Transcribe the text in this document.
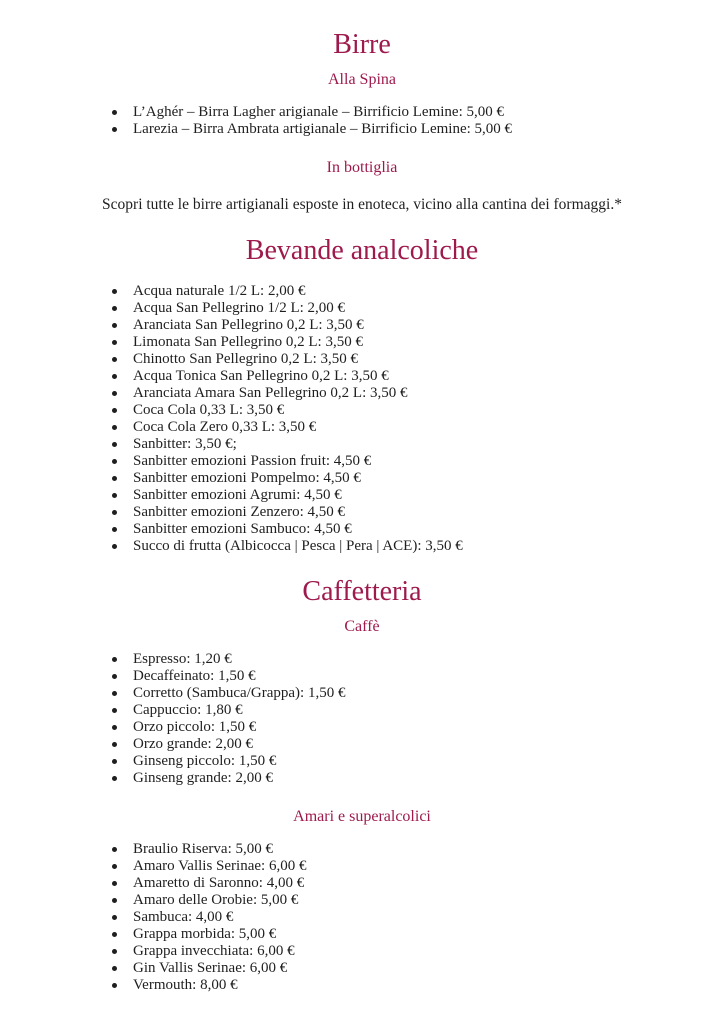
Birre
Alla Spina
L’Aghér – Birra Lagher arigianale – Birrificio Lemine: 5,00 €
Larezia – Birra Ambrata artigianale – Birrificio Lemine: 5,00 €
In bottiglia

Scopri tutte le birre artigianali esposte in enoteca, vicino alla cantina dei formaggi.*

Bevande analcoliche
Acqua naturale 1/2 L: 2,00 €
Acqua San Pellegrino 1/2 L: 2,00 €
Aranciata San Pellegrino 0,2 L: 3,50 €
Limonata San Pellegrino 0,2 L: 3,50 €
Chinotto San Pellegrino 0,2 L: 3,50 €
Acqua Tonica San Pellegrino 0,2 L: 3,50 €
Aranciata Amara San Pellegrino 0,2 L: 3,50 €
Coca Cola 0,33 L: 3,50 €
Coca Cola Zero 0,33 L: 3,50 €
Sanbitter: 3,50 €;
Sanbitter emozioni Passion fruit: 4,50 €
Sanbitter emozioni Pompelmo: 4,50 €
Sanbitter emozioni Agrumi: 4,50 €
Sanbitter emozioni Zenzero: 4,50 €
Sanbitter emozioni Sambuco: 4,50 €
Succo di frutta (Albicocca | Pesca | Pera | ACE): 3,50 €
Caffetteria
Caffè
Espresso: 1,20 €
Decaffeinato: 1,50 €
Corretto (Sambuca/Grappa): 1,50 €
Cappuccio: 1,80 €
Orzo piccolo: 1,50 €
Orzo grande: 2,00 €
Ginseng piccolo: 1,50 €
Ginseng grande: 2,00 €
Amari e superalcolici
Braulio Riserva: 5,00 €
Amaro Vallis Serinae: 6,00 €
Amaretto di Saronno: 4,00 €
Amaro delle Orobie: 5,00 €
Sambuca: 4,00 €
Grappa morbida: 5,00 €
Grappa invecchiata: 6,00 €
Gin Vallis Serinae: 6,00 €
Vermouth: 8,00 €
